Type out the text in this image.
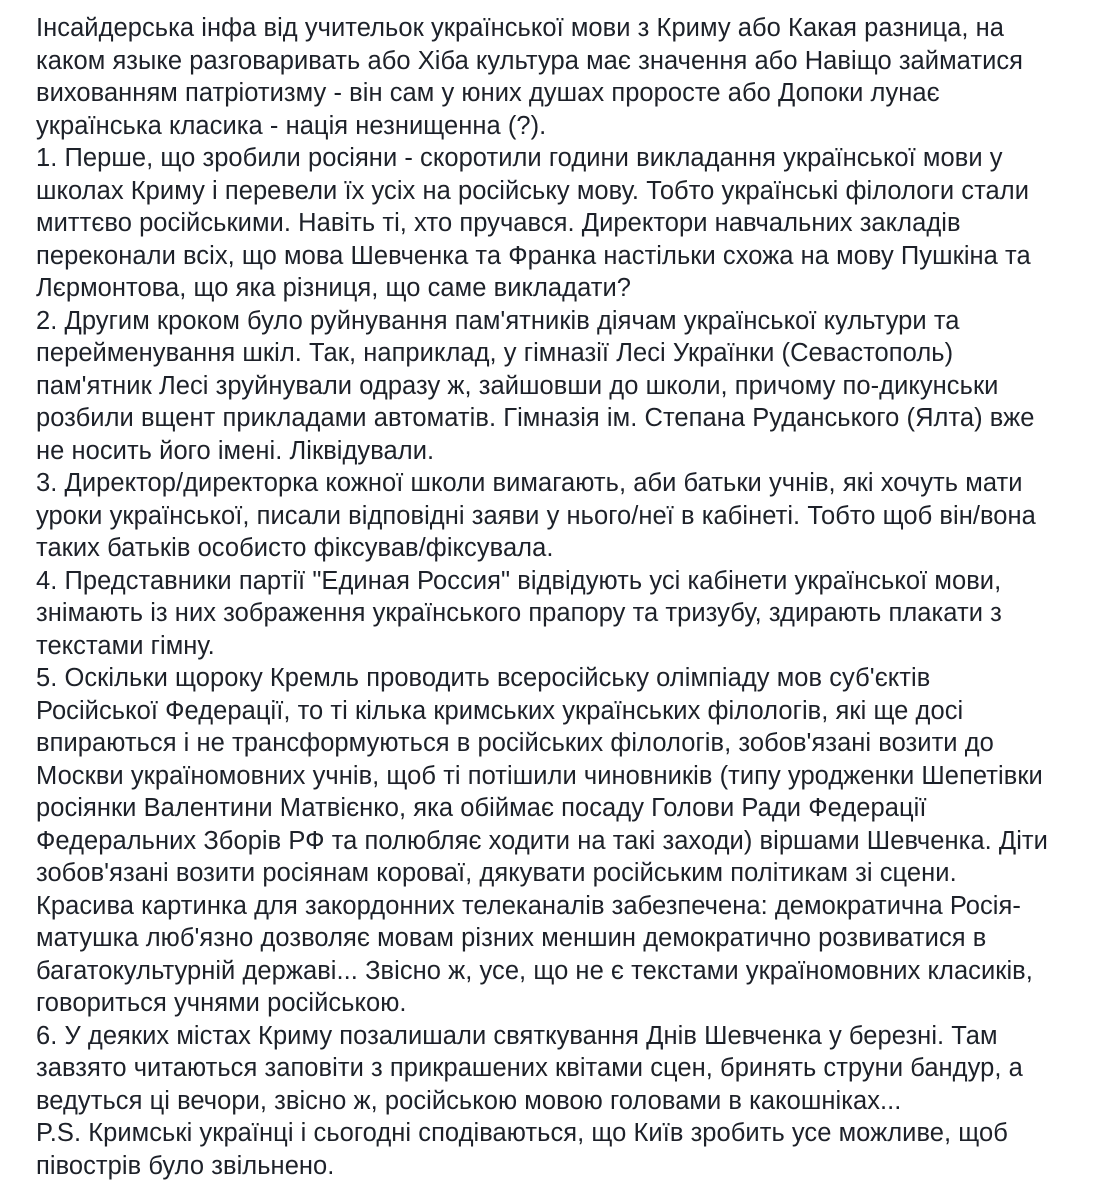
Інсайдерська інфа від учительок української мови з Криму або Какая разница, на
каком языке разговаривать або Хіба культура має значення або Навіщо займатися
вихованням патріотизму - він сам у юних душах проросте або Допоки лунає
українська класика - нація незнищенна (?).
1. Перше, що зробили росіяни - скоротили години викладання української мови у
школах Криму і перевели їх усіх на російську мову. Тобто українські філологи стали
миттєво російськими. Навіть ті, хто пручався. Директори навчальних закладів
переконали всіх, що мова Шевченка та Франка настільки схожа на мову Пушкіна та
Лєрмонтова, що яка різниця, що саме викладати?
2. Другим кроком було руйнування пам'ятників діячам української культури та
перейменування шкіл. Так, наприклад, у гімназії Лесі Українки (Севастополь)
пам'ятник Лесі зруйнували одразу ж, зайшовши до школи, причому по-дикунськи
розбили вщент прикладами автоматів. Гімназія ім. Степана Руданського (Ялта) вже
не носить його імені. Ліквідували.
3. Директор/директорка кожної школи вимагають, аби батьки учнів, які хочуть мати
уроки української, писали відповідні заяви у нього/неї в кабінеті. Тобто щоб він/вона
таких батьків особисто фіксував/фіксувала.
4. Представники партії "Единая Россия" відвідують усі кабінети української мови,
знімають із них зображення українського прапору та тризубу, здирають плакати з
текстами гімну.
5. Оскільки щороку Кремль проводить всеросійську олімпіаду мов суб'єктів
Російської Федерації, то ті кілька кримських українських філологів, які ще досі
впираються і не трансформуються в російських філологів, зобов'язані возити до
Москви україномовних учнів, щоб ті потішили чиновників (типу уродженки Шепетівки
росіянки Валентини Матвієнко, яка обіймає посаду Голови Ради Федерації
Федеральних Зборів РФ та полюбляє ходити на такі заходи) віршами Шевченка. Діти
зобов'язані возити росіянам короваї, дякувати російським політикам зі сцени.
Красива картинка для закордонних телеканалів забезпечена: демократична Росія-
матушка люб'язно дозволяє мовам різних меншин демократично розвиватися в
багатокультурній державі... Звісно ж, усе, що не є текстами україномовних класиків,
говориться учнями російською.
6. У деяких містах Криму позалишали святкування Днів Шевченка у березні. Там
завзято читаються заповіти з прикрашених квітами сцен, бринять струни бандур, а
ведуться ці вечори, звісно ж, російською мовою головами в какошніках...
P.S. Кримські українці і сьогодні сподіваються, що Київ зробить усе можливе, щоб
півострів було звільнено.
